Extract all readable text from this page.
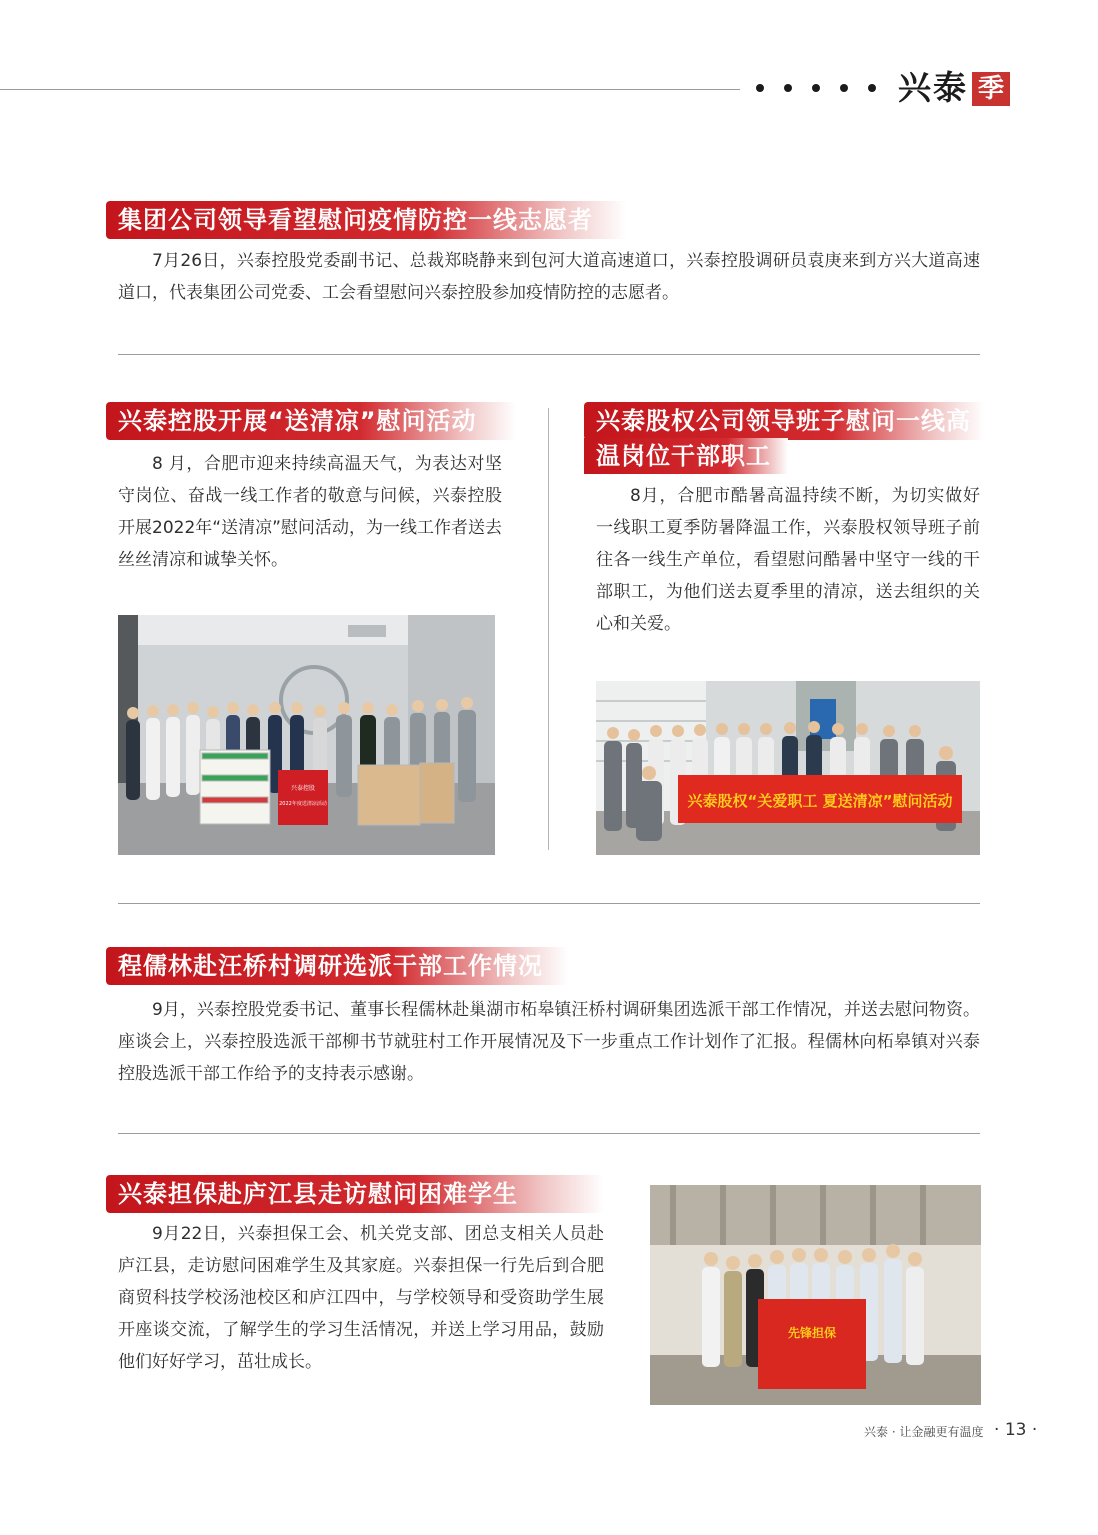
兴泰 季
集团公司领导看望慰问疫情防控一线志愿者

7月26日，兴泰控股党委副书记、总裁郑晓静来到包河大道高速道口，兴泰控股调研员袁庚来到方兴大道高速道口，代表集团公司党委、工会看望慰问兴泰控股参加疫情防控的志愿者。

兴泰控股开展“送清凉”慰问活动

8 月，合肥市迎来持续高温天气，为表达对坚守岗位、奋战一线工作者的敬意与问候，兴泰控股开展2022年“送清凉”慰问活动，为一线工作者送去丝丝清凉和诚挚关怀。

兴泰控股
2022年度送清凉活动
兴泰股权公司领导班子慰问一线高
温岗位干部职工

8月，合肥市酷暑高温持续不断，为切实做好一线职工夏季防暑降温工作，兴泰股权领导班子前往各一线生产单位，看望慰问酷暑中坚守一线的干部职工，为他们送去夏季里的清凉，送去组织的关心和关爱。

兴泰股权“关爱职工 夏送清凉”慰问活动
程儒林赴汪桥村调研选派干部工作情况

9月，兴泰控股党委书记、董事长程儒林赴巢湖市柘皋镇汪桥村调研集团选派干部工作情况，并送去慰问物资。座谈会上，兴泰控股选派干部柳书节就驻村工作开展情况及下一步重点工作计划作了汇报。程儒林向柘皋镇对兴泰控股选派干部工作给予的支持表示感谢。

兴泰担保赴庐江县走访慰问困难学生

9月22日，兴泰担保工会、机关党支部、团总支相关人员赴庐江县，走访慰问困难学生及其家庭。兴泰担保一行先后到合肥商贸科技学校汤池校区和庐江四中，与学校领导和受资助学生展开座谈交流，了解学生的学习生活情况，并送上学习用品，鼓励他们好好学习，茁壮成长。

先锋担保
兴泰 · 让金融更有温度 · 13 ·
